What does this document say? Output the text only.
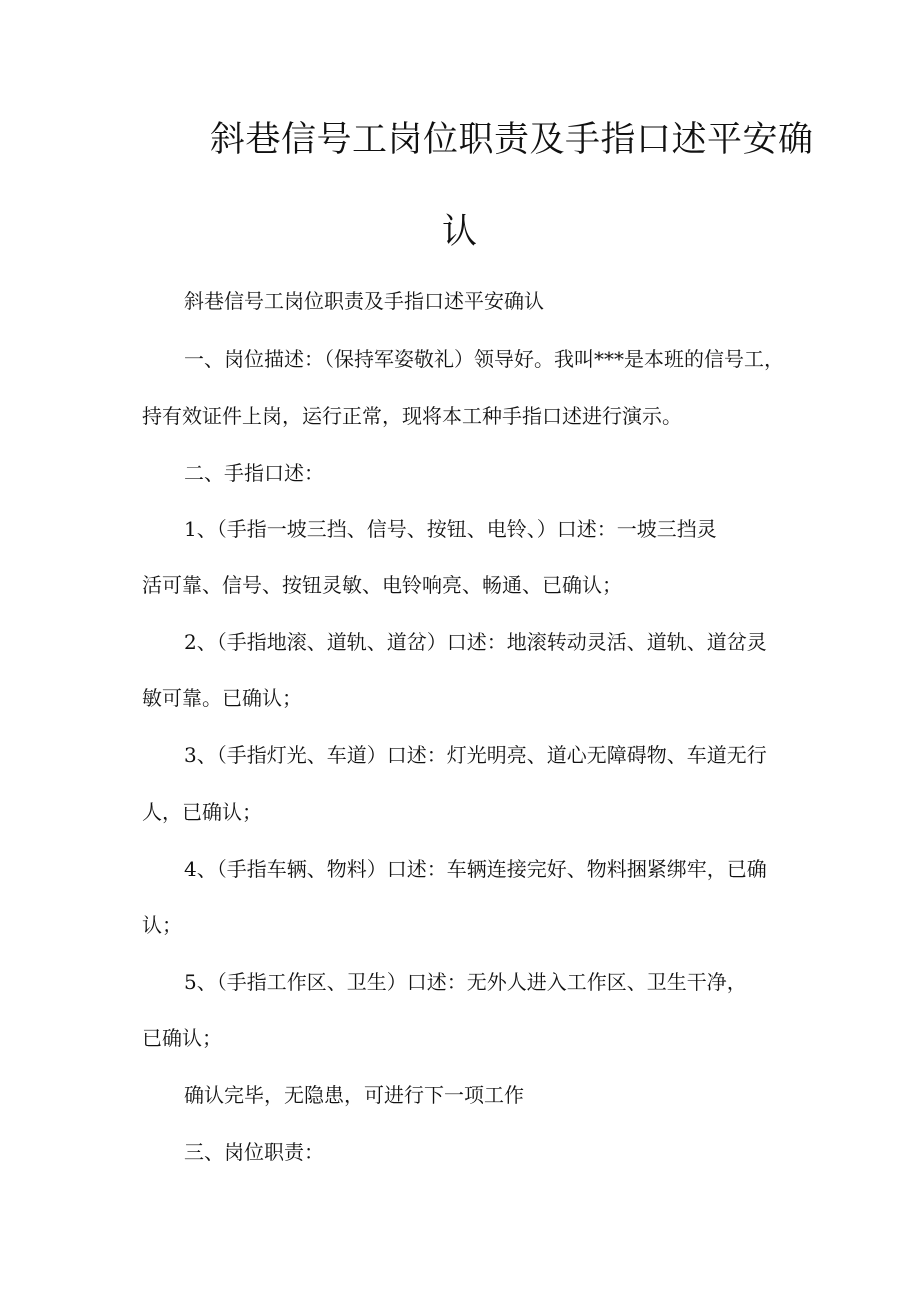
斜巷信号工岗位职责及手指口述平安确
认
斜巷信号工岗位职责及手指口述平安确认
一、岗位描述：（保持军姿敬礼）领导好。我叫***是本班的信号工，
持有效证件上岗，运行正常，现将本工种手指口述进行演示。
二、手指口述：
1、（手指一坡三挡、信号、按钮、电铃、）口述：一坡三挡灵
活可靠、信号、按钮灵敏、电铃响亮、畅通、已确认；
2、（手指地滚、道轨、道岔）口述：地滚转动灵活、道轨、道岔灵
敏可靠。已确认；
3、（手指灯光、车道）口述：灯光明亮、道心无障碍物、车道无行
人，已确认；
4、（手指车辆、物料）口述：车辆连接完好、物料捆紧绑牢，已确
认；
5、（手指工作区、卫生）口述：无外人进入工作区、卫生干净，
已确认；
确认完毕，无隐患，可进行下一项工作
三、岗位职责：
